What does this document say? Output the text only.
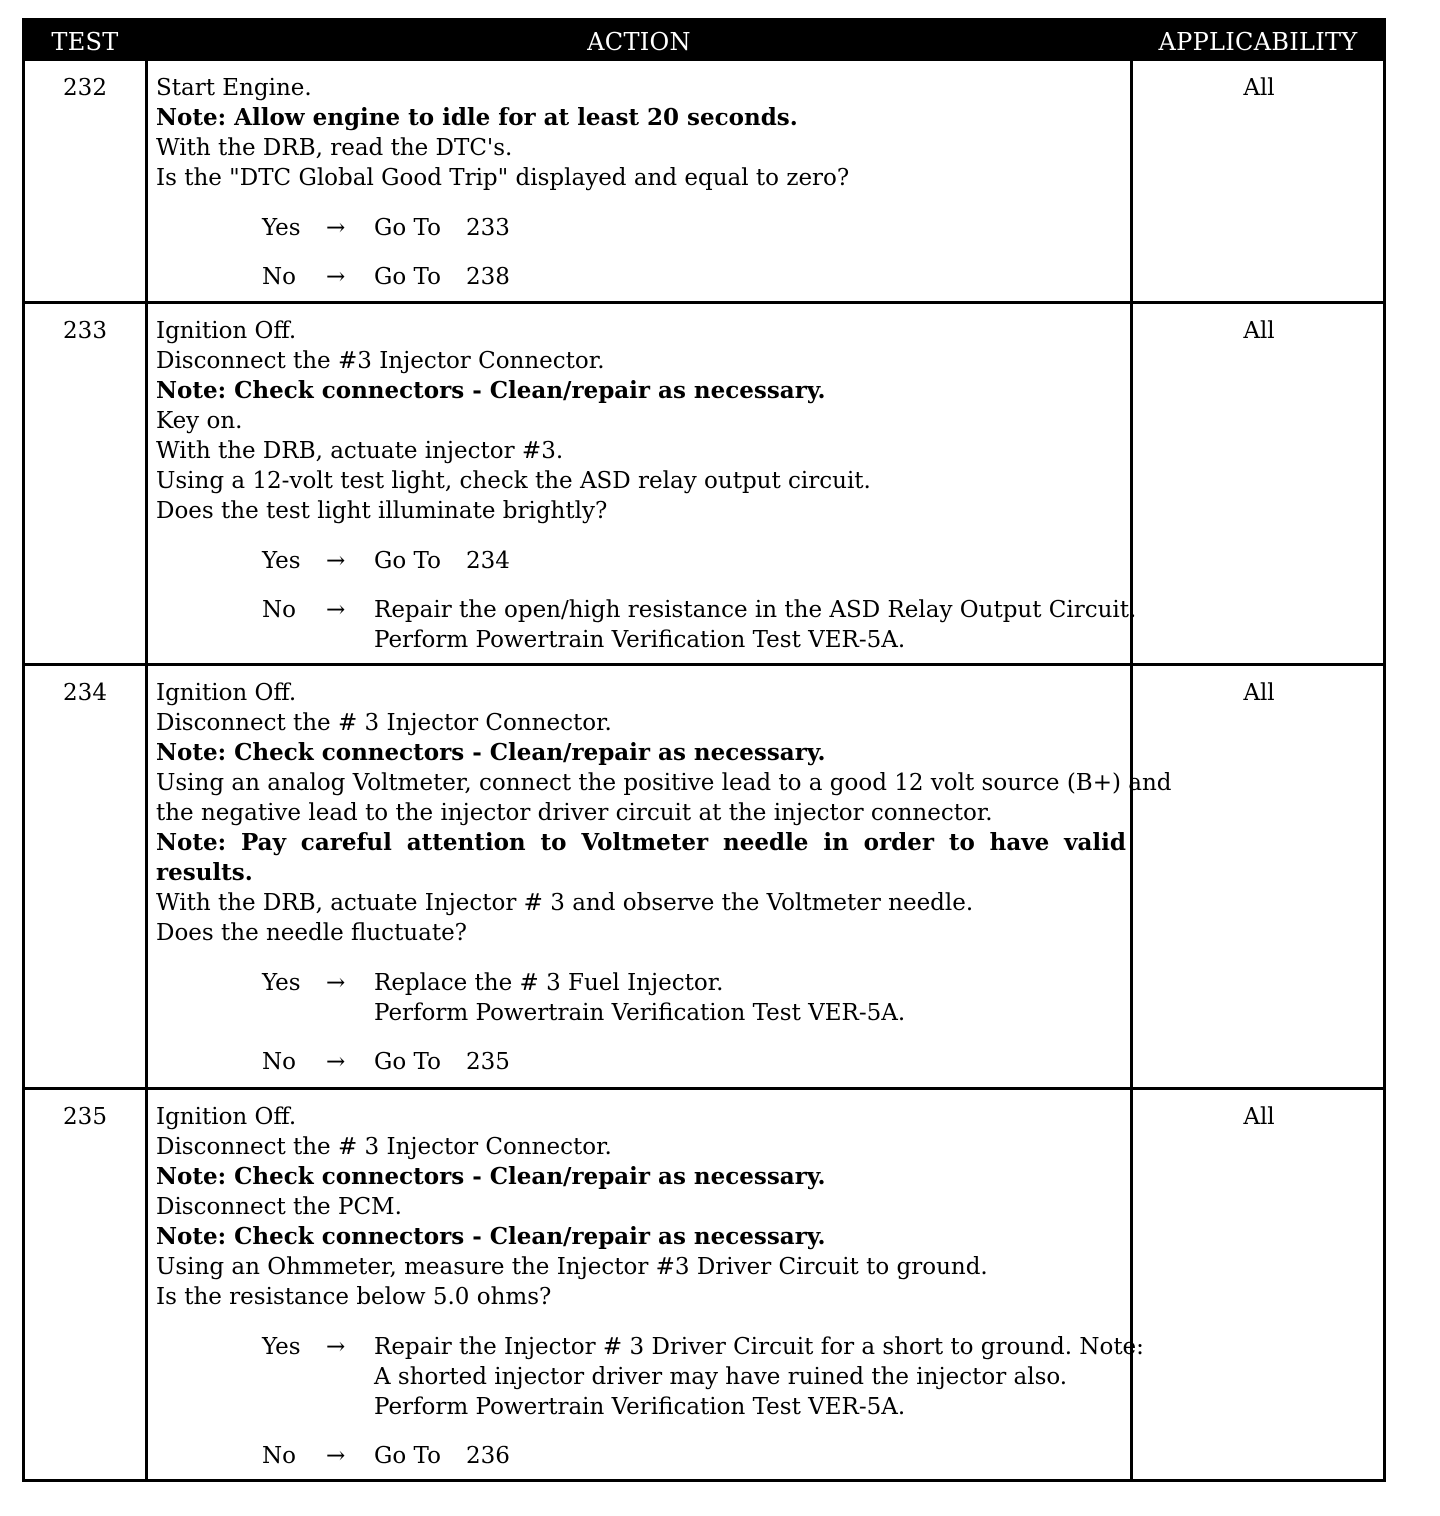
TEST	ACTION	APPLICABILITY
232	Start Engine.
Note: Allow engine to idle for at least 20 seconds.
With the DRB, read the DTC's.
Is the "DTC Global Good Trip" displayed and equal to zero?
Yes → Go To 233
No → Go To 238
All
233	Ignition Off.
Disconnect the #3 Injector Connector.
Note: Check connectors - Clean/repair as necessary.
Key on.
With the DRB, actuate injector #3.
Using a 12-volt test light, check the ASD relay output circuit.
Does the test light illuminate brightly?
Yes → Go To 234
No → Repair the open/high resistance in the ASD Relay Output Circuit.
Perform Powertrain Verification Test VER-5A.
All
234	Ignition Off.
Disconnect the # 3 Injector Connector.
Note: Check connectors - Clean/repair as necessary.
Using an analog Voltmeter, connect the positive lead to a good 12 volt source (B+) and
the negative lead to the injector driver circuit at the injector connector.
Note: Pay careful attention to Voltmeter needle in order to have valid
results.
With the DRB, actuate Injector # 3 and observe the Voltmeter needle.
Does the needle fluctuate?
Yes → Replace the # 3 Fuel Injector.
Perform Powertrain Verification Test VER-5A.
No → Go To 235
All
235	Ignition Off.
Disconnect the # 3 Injector Connector.
Note: Check connectors - Clean/repair as necessary.
Disconnect the PCM.
Note: Check connectors - Clean/repair as necessary.
Using an Ohmmeter, measure the Injector #3 Driver Circuit to ground.
Is the resistance below 5.0 ohms?
Yes → Repair the Injector # 3 Driver Circuit for a short to ground. Note:
A shorted injector driver may have ruined the injector also.
Perform Powertrain Verification Test VER-5A.
No → Go To 236
All
